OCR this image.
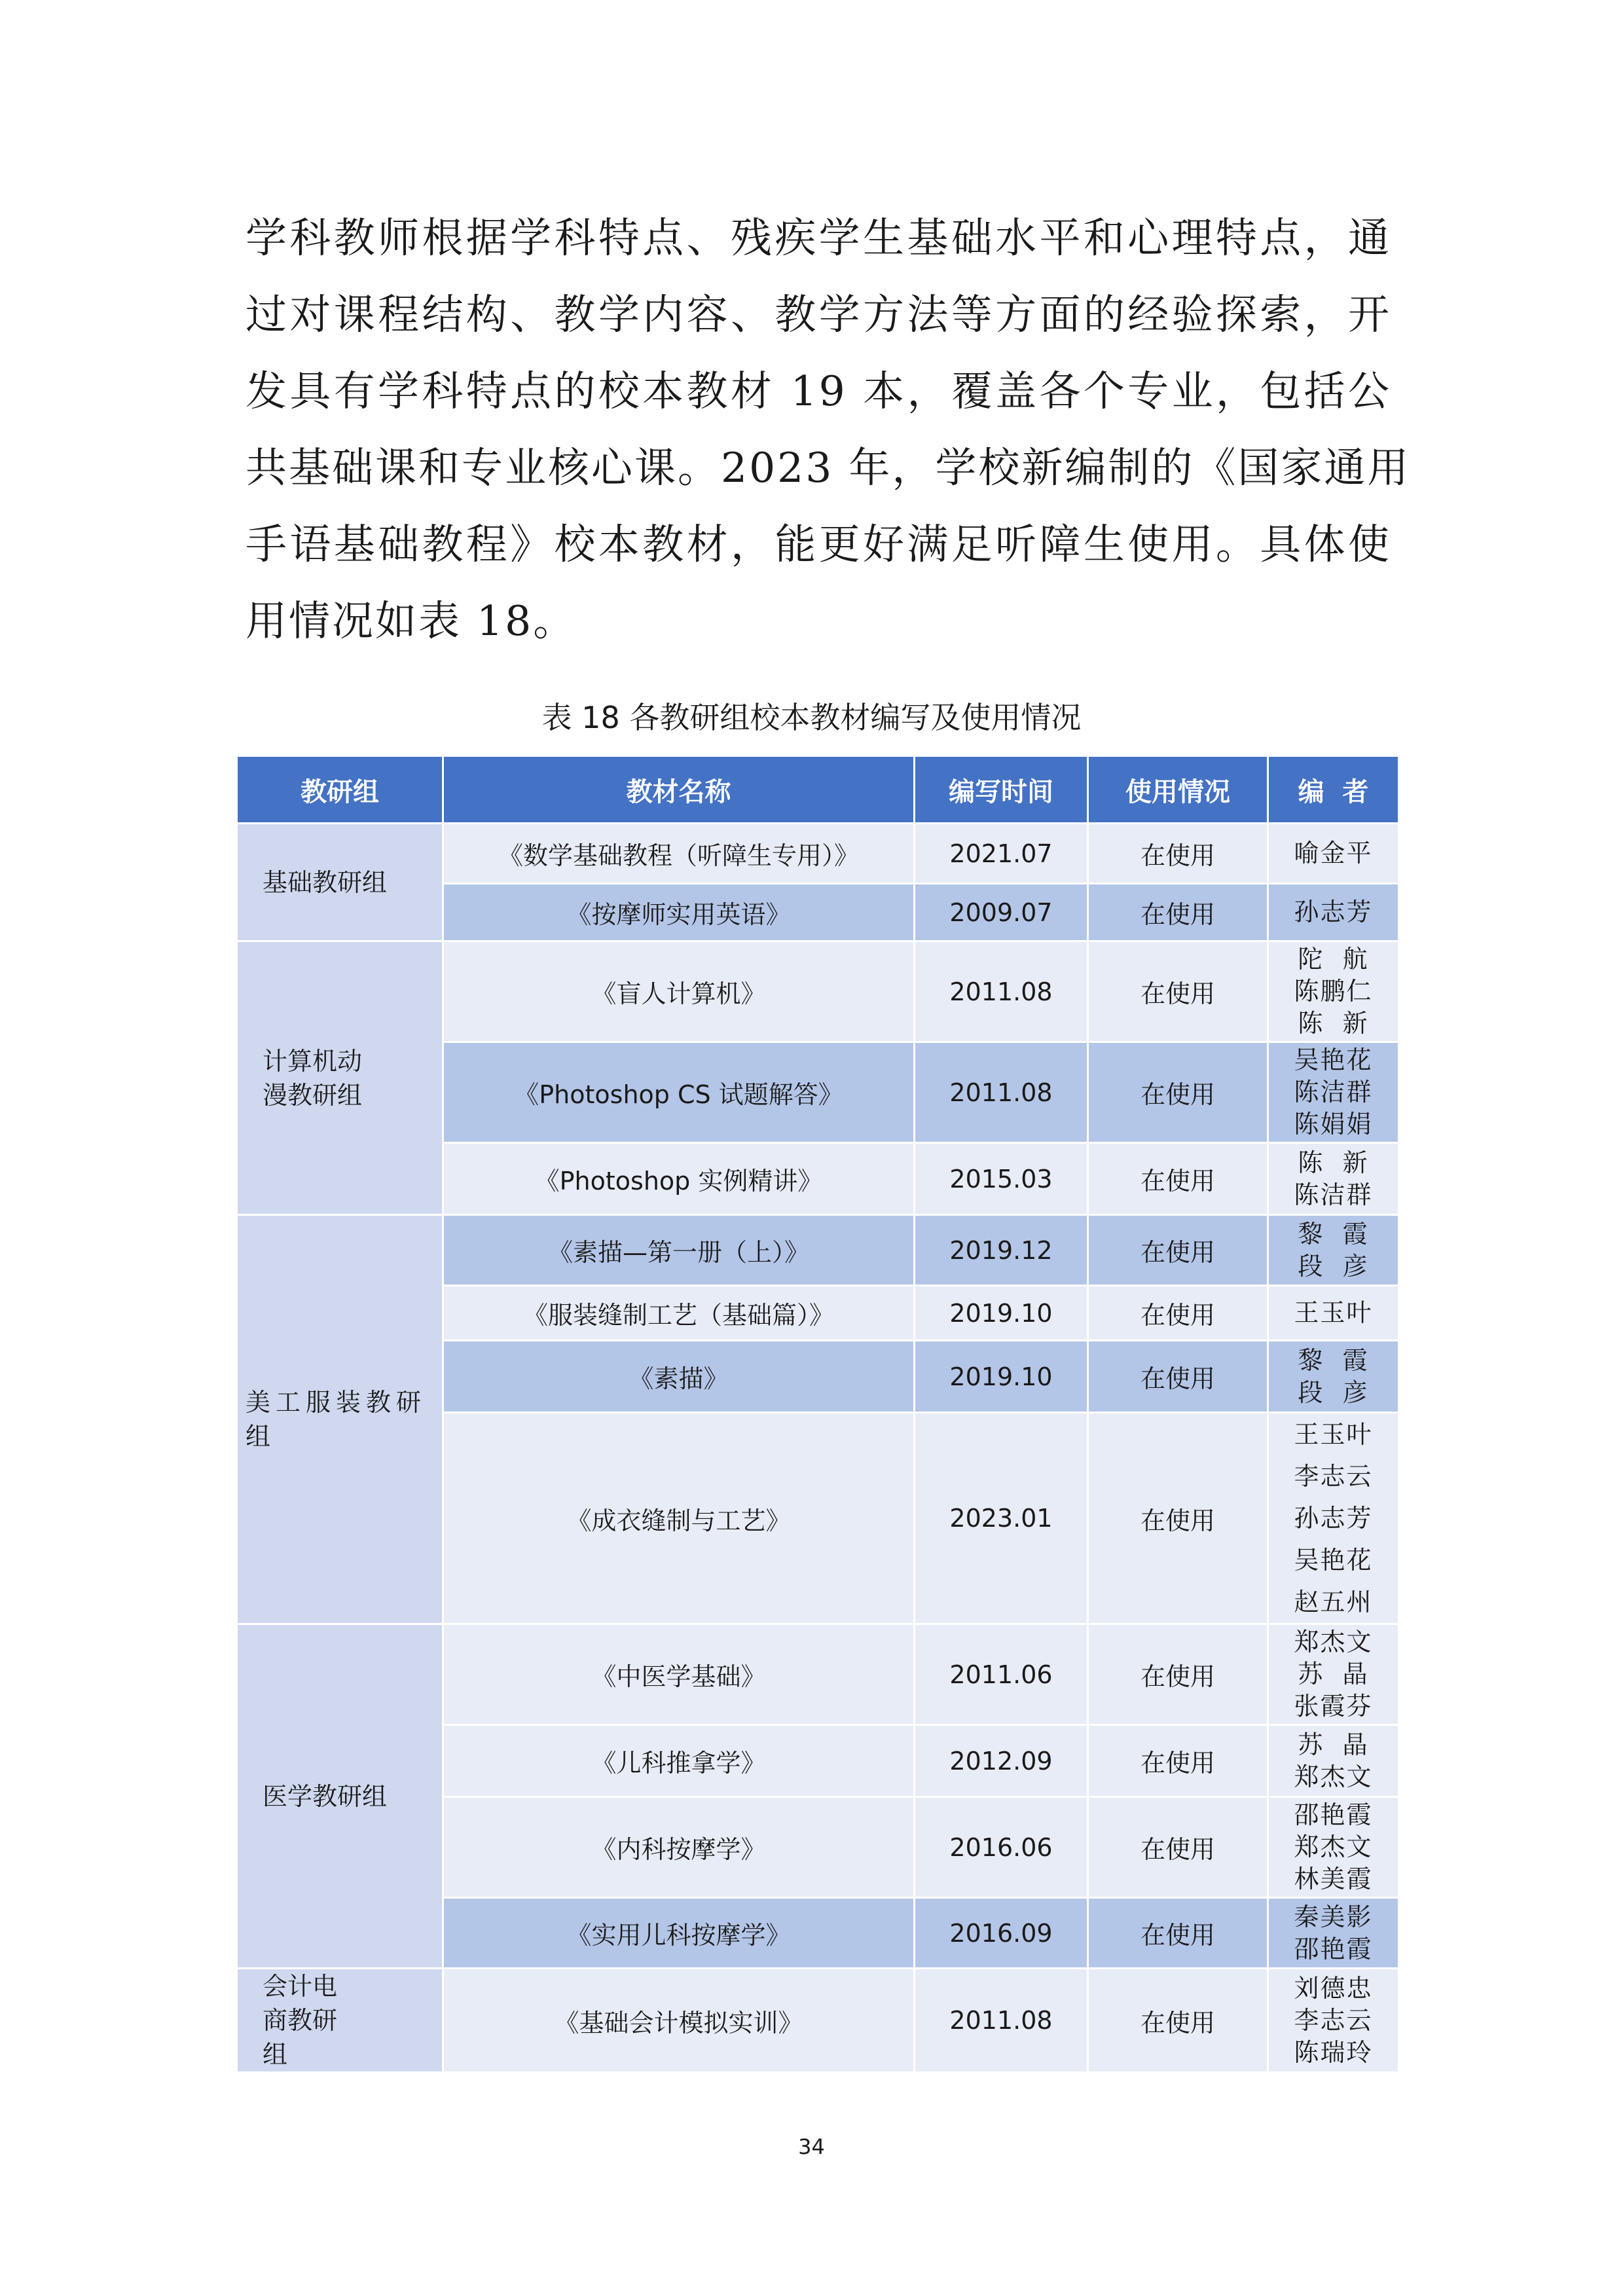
学科教师根据学科特点、残疾学生基础水平和心理特点，通
过对课程结构、教学内容、教学方法等方面的经验探索，开
发具有学科特点的校本教材 19 本，覆盖各个专业，包括公
共基础课和专业核心课。2023 年，学校新编制的《国家通用
手语基础教程》校本教材，能更好满足听障生使用。具体使
用情况如表 18。
表 18 各教研组校本教材编写及使用情况
教研组	教材名称	编写时间	使用情况	编  者
基础教研组	《数学基础教程（听障生专用）》	2021.07	在使用	喻金平

	《按摩师实用英语》	2009.07	在使用	孙志芳

计算机动漫教研组	《盲人计算机》	2011.08	在使用	陀  航
陈鹏仁
陈  新

	《Photoshop CS 试题解答》	2011.08	在使用	吴艳花
陈洁群
陈娟娟

	《Photoshop 实例精讲》	2015.03	在使用	陈  新
陈洁群

美工服装教研组	《素描—第一册（上）》	2019.12	在使用	黎  霞
段  彦

	《服装缝制工艺（基础篇）》	2019.10	在使用	王玉叶

	《素描》	2019.10	在使用	黎  霞
段  彦

	《成衣缝制与工艺》	2023.01	在使用	王玉叶
李志云
孙志芳
吴艳花
赵五州

医学教研组	《中医学基础》	2011.06	在使用	郑杰文
苏  晶
张霞芬

	《儿科推拿学》	2012.09	在使用	苏  晶
郑杰文

	《内科按摩学》	2016.06	在使用	邵艳霞
郑杰文
林美霞

	《实用儿科按摩学》	2016.09	在使用	秦美影
邵艳霞

会计电商教研组	《基础会计模拟实训》	2011.08	在使用	刘德忠
李志云
陈瑞玲
34
